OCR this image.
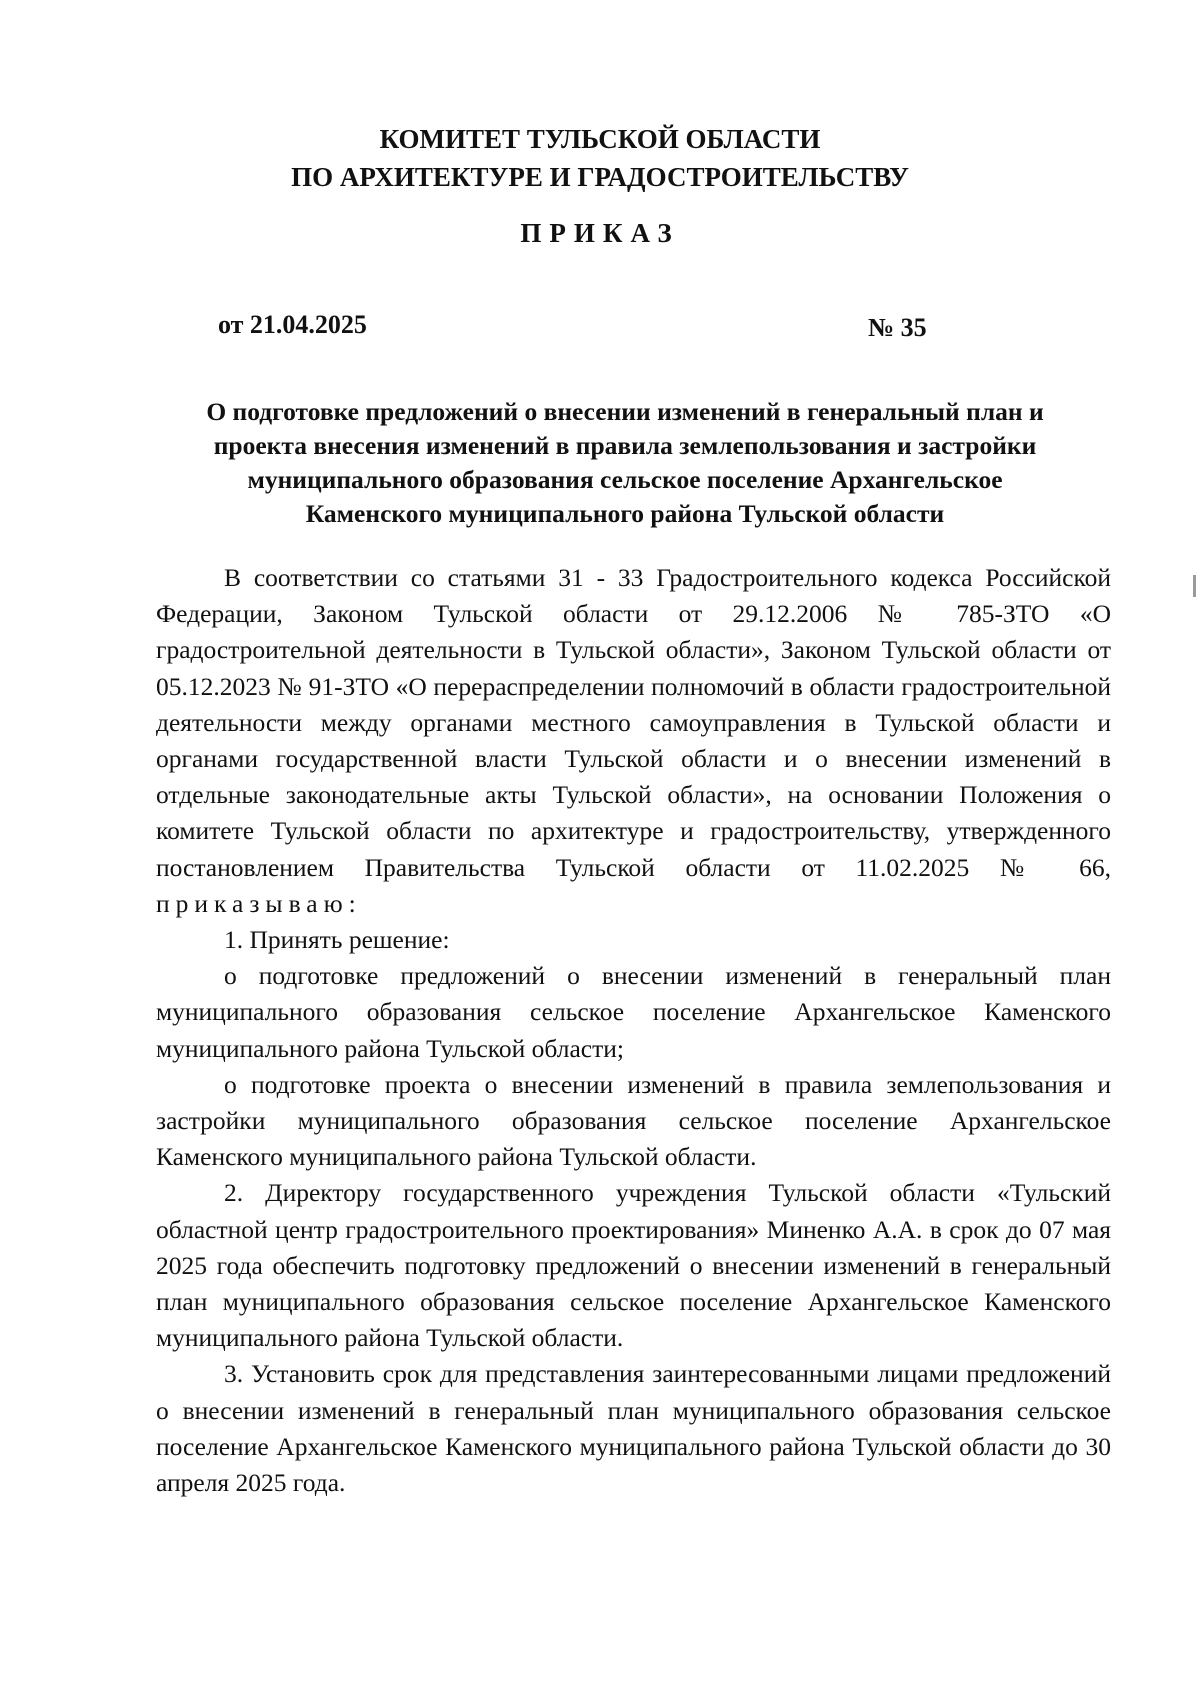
КОМИТЕТ ТУЛЬСКОЙ ОБЛАСТИ
ПО АРХИТЕКТУРЕ И ГРАДОСТРОИТЕЛЬСТВУ
ПРИКАЗ
от 21.04.2025	№ 35
О подготовке предложений о внесении изменений в генеральный план и
проекта внесения изменений в правила землепользования и застройки
муниципального образования сельское поселение Архангельское
Каменского муниципального района Тульской области

В соответствии со статьями 31 - 33 Градостроительного кодекса Российской Федерации, Законом Тульской области от 29.12.2006 № 785-ЗТО «О градостроительной деятельности в Тульской области», Законом Тульской области от 05.12.2023 № 91-ЗТО «О перераспределении полномочий в области градостроительной деятельности между органами местного самоуправления в Тульской области и органами государственной власти Тульской области и о внесении изменений в отдельные законодательные акты Тульской области», на основании Положения о комитете Тульской области по архитектуре и градостроительству, утвержденного постановлением Правительства Тульской области от 11.02.2025 № 66, приказываю:

1. Принять решение:

о подготовке предложений о внесении изменений в генеральный план муниципального образования сельское поселение Архангельское Каменского муниципального района Тульской области;

о подготовке проекта о внесении изменений в правила землепользования и застройки муниципального образования сельское поселение Архангельское Каменского муниципального района Тульской области.

2. Директору государственного учреждения Тульской области «Тульский областной центр градостроительного проектирования» Миненко А.А. в срок до 07 мая 2025 года обеспечить подготовку предложений о внесении изменений в генеральный план муниципального образования сельское поселение Архангельское Каменского муниципального района Тульской области.

3. Установить срок для представления заинтересованными лицами предложений о внесении изменений в генеральный план муниципального образования сельское поселение Архангельское Каменского муниципального района Тульской области до 30 апреля 2025 года.
